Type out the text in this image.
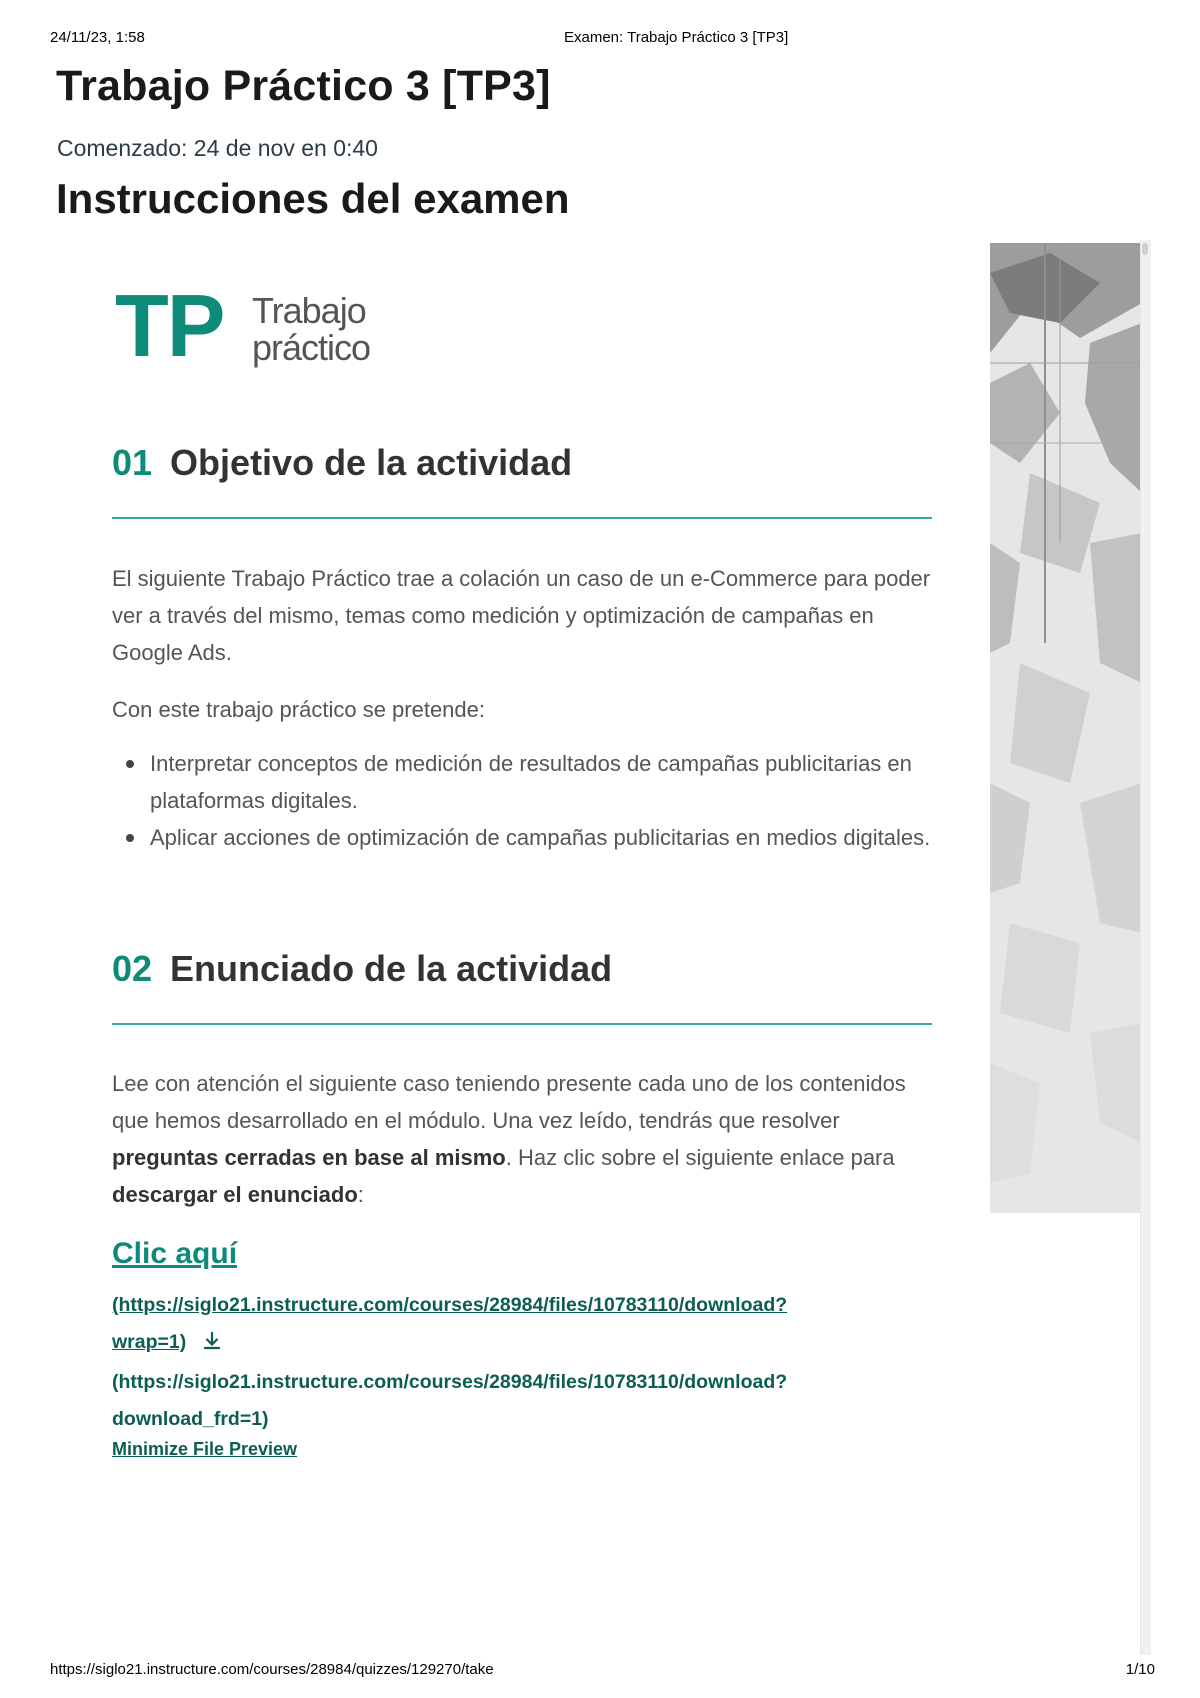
24/11/23, 1:58	Examen: Trabajo Práctico 3 [TP3]
Trabajo Práctico 3 [TP3]
Comenzado: 24 de nov en 0:40
Instrucciones del examen
TP Trabajo
práctico
01 Objetivo de la actividad

El siguiente Trabajo Práctico trae a colación un caso de un e-Commerce para poder ver a través del mismo, temas como medición y optimización de campañas en Google Ads.

Con este trabajo práctico se pretende:

Interpretar conceptos de medición de resultados de campañas publicitarias en plataformas digitales.
Aplicar acciones de optimización de campañas publicitarias en medios digitales.
02 Enunciado de la actividad

Lee con atención el siguiente caso teniendo presente cada uno de los contenidos que hemos desarrollado en el módulo. Una vez leído, tendrás que resolver preguntas cerradas en base al mismo. Haz clic sobre el siguiente enlace para descargar el enunciado:

Clic aquí
(https://siglo21.instructure.com/courses/28984/files/10783110/download?
wrap=1)
(https://siglo21.instructure.com/courses/28984/files/10783110/download?
download_frd=1)
Minimize File Preview
https://siglo21.instructure.com/courses/28984/quizzes/129270/take	1/10
